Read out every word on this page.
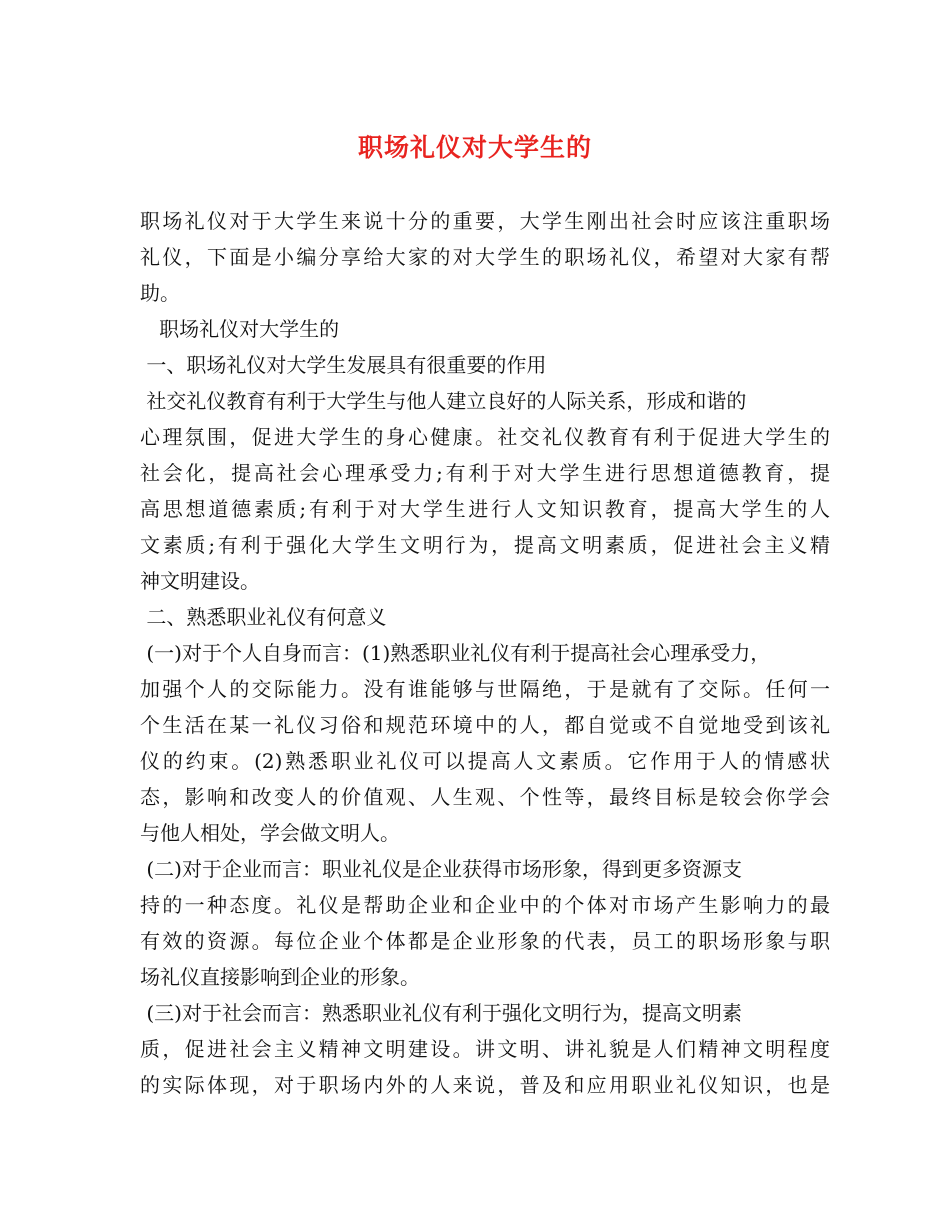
职场礼仪对大学生的
职场礼仪对于大学生来说十分的重要，大学生刚出社会时应该注重职场
礼仪，下面是小编分享给大家的对大学生的职场礼仪，希望对大家有帮
助。
职场礼仪对大学生的
一、职场礼仪对大学生发展具有很重要的作用
社交礼仪教育有利于大学生与他人建立良好的人际关系，形成和谐的
心理氛围，促进大学生的身心健康。社交礼仪教育有利于促进大学生的
社会化，提高社会心理承受力;有利于对大学生进行思想道德教育，提
高思想道德素质;有利于对大学生进行人文知识教育，提高大学生的人
文素质;有利于强化大学生文明行为，提高文明素质，促进社会主义精
神文明建设。
二、熟悉职业礼仪有何意义
(一)对于个人自身而言：(1)熟悉职业礼仪有利于提高社会心理承受力，
加强个人的交际能力。没有谁能够与世隔绝，于是就有了交际。任何一
个生活在某一礼仪习俗和规范环境中的人，都自觉或不自觉地受到该礼
仪的约束。(2)熟悉职业礼仪可以提高人文素质。它作用于人的情感状
态，影响和改变人的价值观、人生观、个性等，最终目标是较会你学会
与他人相处，学会做文明人。
(二)对于企业而言：职业礼仪是企业获得市场形象，得到更多资源支
持的一种态度。礼仪是帮助企业和企业中的个体对市场产生影响力的最
有效的资源。每位企业个体都是企业形象的代表，员工的职场形象与职
场礼仪直接影响到企业的形象。
(三)对于社会而言：熟悉职业礼仪有利于强化文明行为，提高文明素
质，促进社会主义精神文明建设。讲文明、讲礼貌是人们精神文明程度
的实际体现，对于职场内外的人来说，普及和应用职业礼仪知识，也是
